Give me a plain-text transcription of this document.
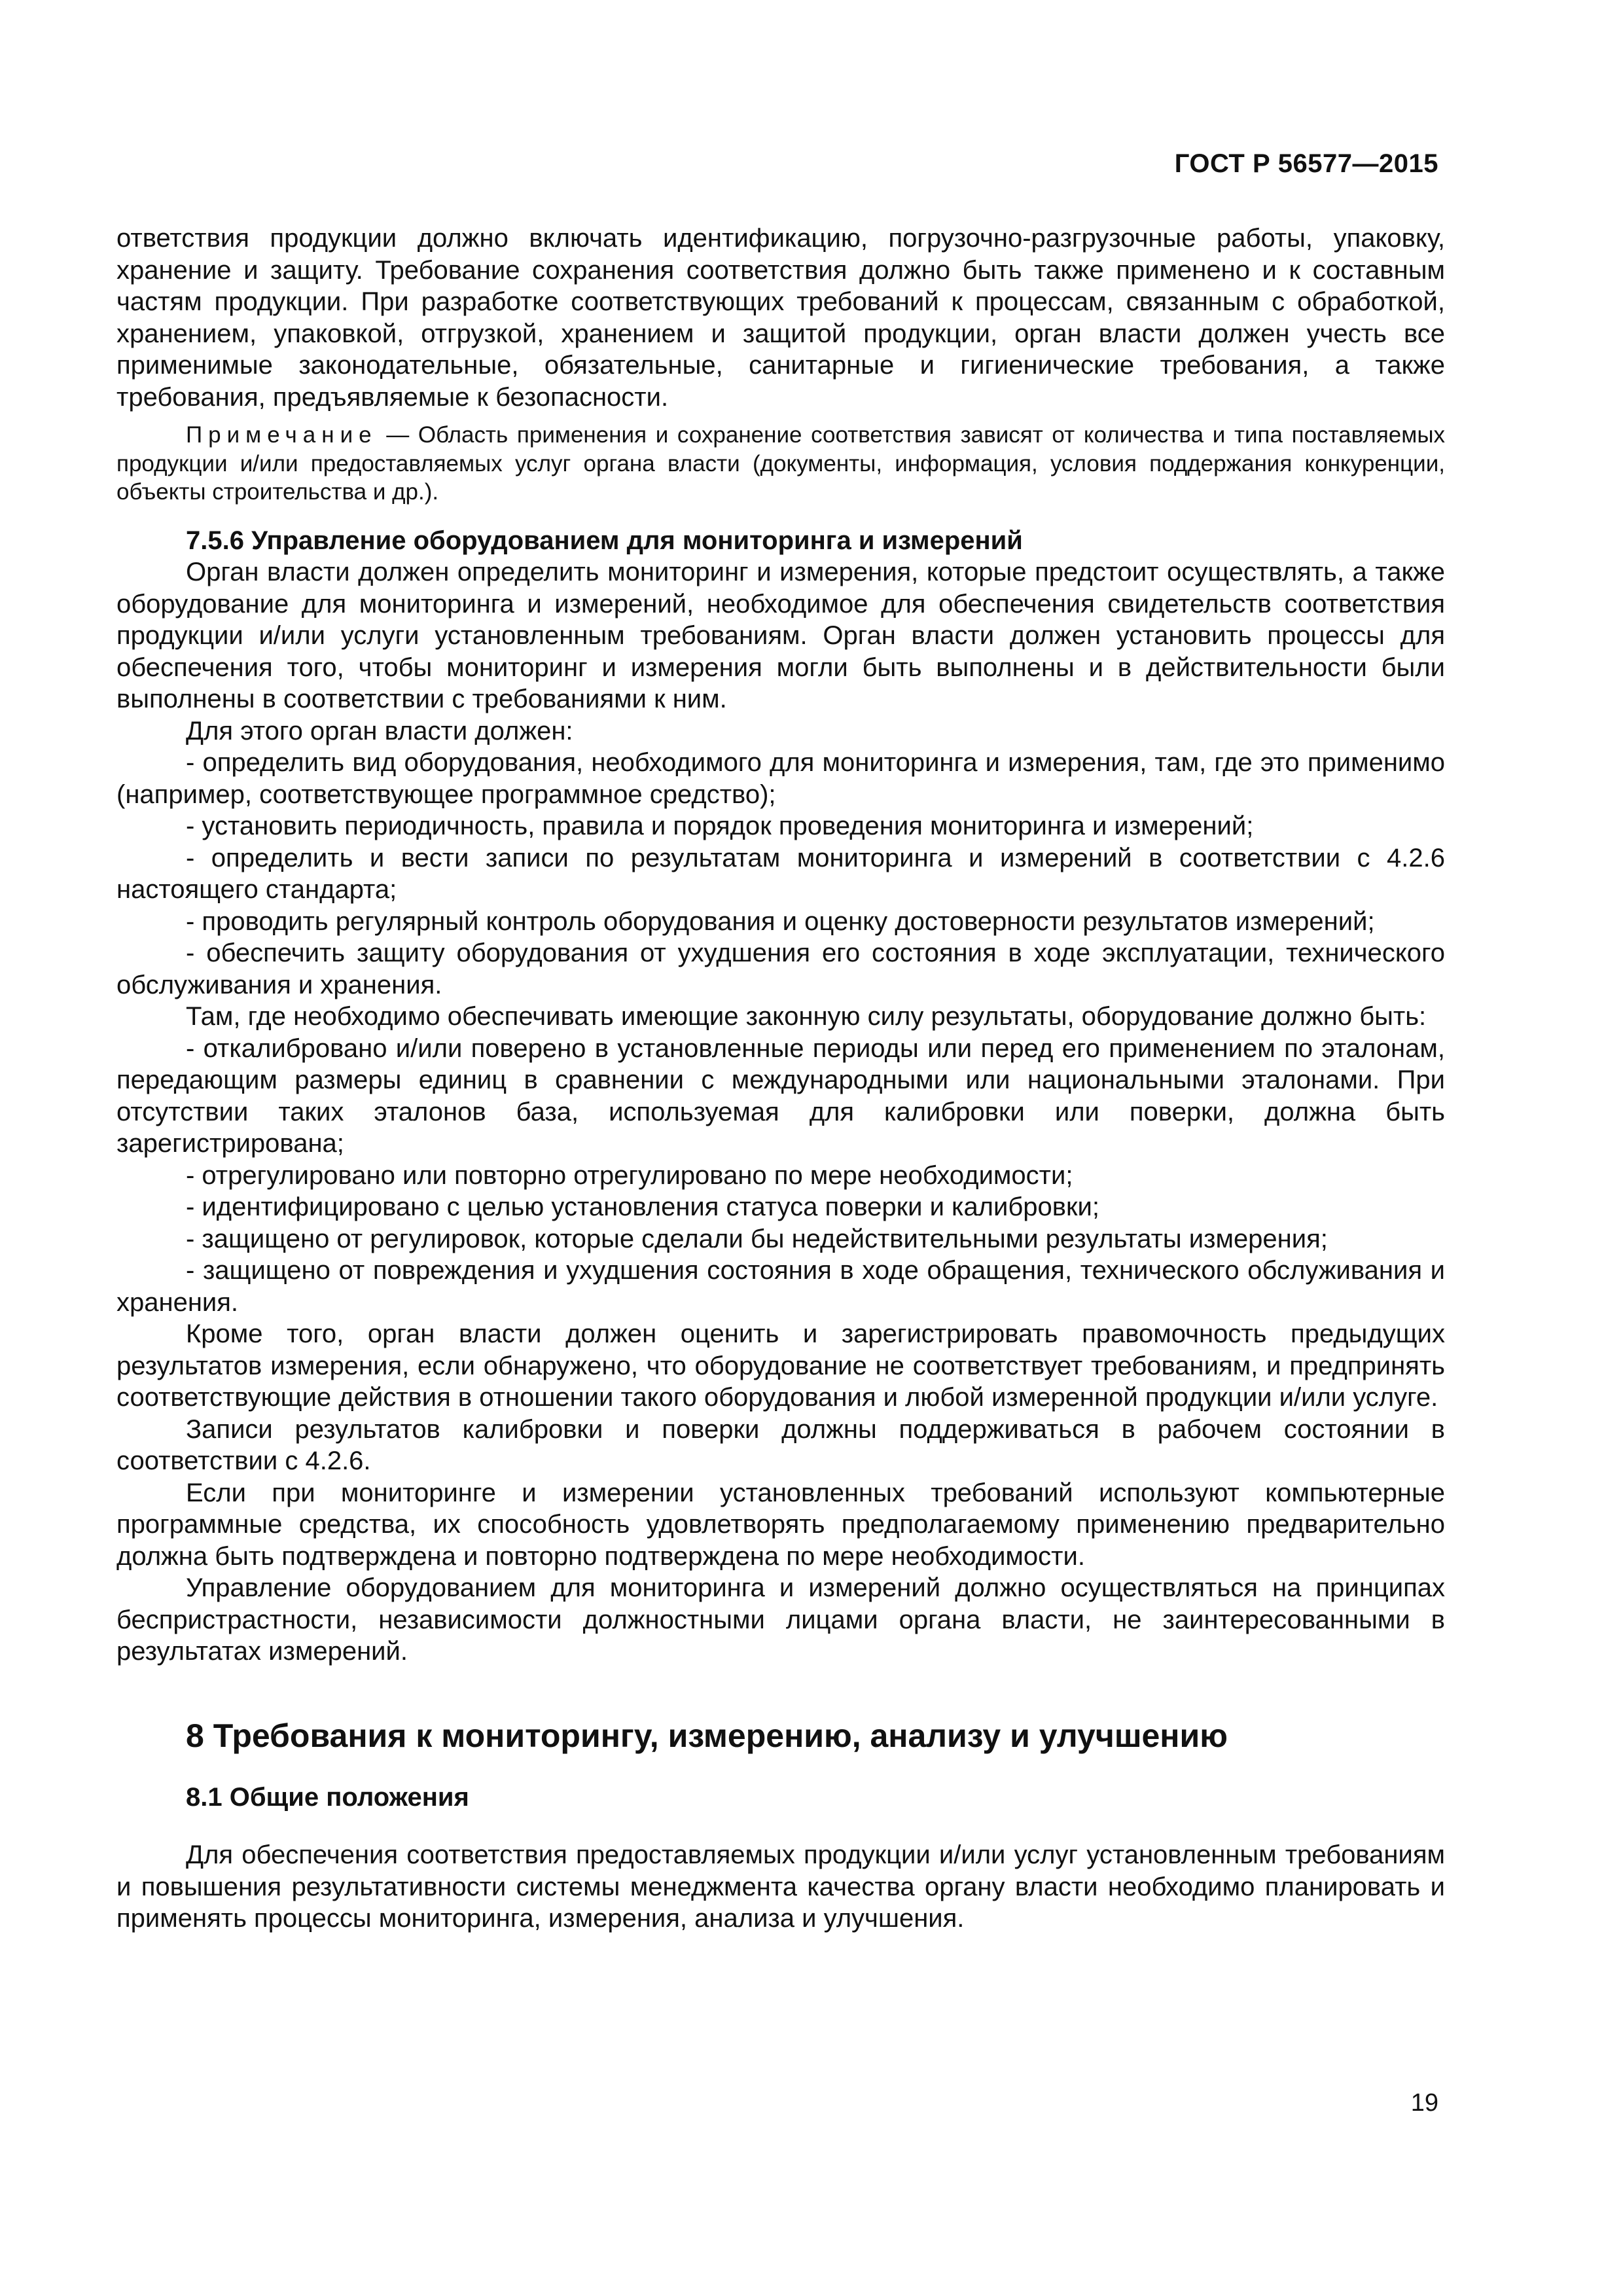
ГОСТ Р 56577—2015

ответствия продукции должно включать идентификацию, погрузочно-разгрузочные работы, упаковку, хранение и защиту. Требование сохранения соответствия должно быть также применено и к составным частям продукции. При разработке соответствующих требований к процессам, связанным с обработкой, хранением, упаковкой, отгрузкой, хранением и защитой продукции, орган власти должен учесть все применимые законодательные, обязательные, санитарные и гигиенические требования, а также требования, предъявляемые к безопасности.

Примечание — Область применения и сохранение соответствия зависят от количества и типа поставляемых продукции и/или предоставляемых услуг органа власти (документы, информация, условия поддержания конкуренции, объекты строительства и др.).

7.5.6 Управление оборудованием для мониторинга и измерений

Орган власти должен определить мониторинг и измерения, которые предстоит осуществлять, а также оборудование для мониторинга и измерений, необходимое для обеспечения свидетельств соответствия продукции и/или услуги установленным требованиям. Орган власти должен установить процессы для обеспечения того, чтобы мониторинг и измерения могли быть выполнены и в действительности были выполнены в соответствии с требованиями к ним.

Для этого орган власти должен:

- определить вид оборудования, необходимого для мониторинга и измерения, там, где это применимо (например, соответствующее программное средство);

- установить периодичность, правила и порядок проведения мониторинга и измерений;

- определить и вести записи по результатам мониторинга и измерений в соответствии с 4.2.6 настоящего стандарта;

- проводить регулярный контроль оборудования и оценку достоверности результатов измерений;

- обеспечить защиту оборудования от ухудшения его состояния в ходе эксплуатации, технического обслуживания и хранения.

Там, где необходимо обеспечивать имеющие законную силу результаты, оборудование должно быть:

- откалибровано и/или поверено в установленные периоды или перед его применением по эталонам, передающим размеры единиц в сравнении с международными или национальными эталонами. При отсутствии таких эталонов база, используемая для калибровки или поверки, должна быть зарегистрирована;

- отрегулировано или повторно отрегулировано по мере необходимости;

- идентифицировано с целью установления статуса поверки и калибровки;

- защищено от регулировок, которые сделали бы недействительными результаты измерения;

- защищено от повреждения и ухудшения состояния в ходе обращения, технического обслуживания и хранения.

Кроме того, орган власти должен оценить и зарегистрировать правомочность предыдущих результатов измерения, если обнаружено, что оборудование не соответствует требованиям, и предпринять соответствующие действия в отношении такого оборудования и любой измеренной продукции и/или услуге.

Записи результатов калибровки и поверки должны поддерживаться в рабочем состоянии в соответствии с 4.2.6.

Если при мониторинге и измерении установленных требований используют компьютерные программные средства, их способность удовлетворять предполагаемому применению предварительно должна быть подтверждена и повторно подтверждена по мере необходимости.

Управление оборудованием для мониторинга и измерений должно осуществляться на принципах беспристрастности, независимости должностными лицами органа власти, не заинтересованными в результатах измерений.

8 Требования к мониторингу, измерению, анализу и улучшению
8.1 Общие положения

Для обеспечения соответствия предоставляемых продукции и/или услуг установленным требованиям и повышения результативности системы менеджмента качества органу власти необходимо планировать и применять процессы мониторинга, измерения, анализа и улучшения.

19
